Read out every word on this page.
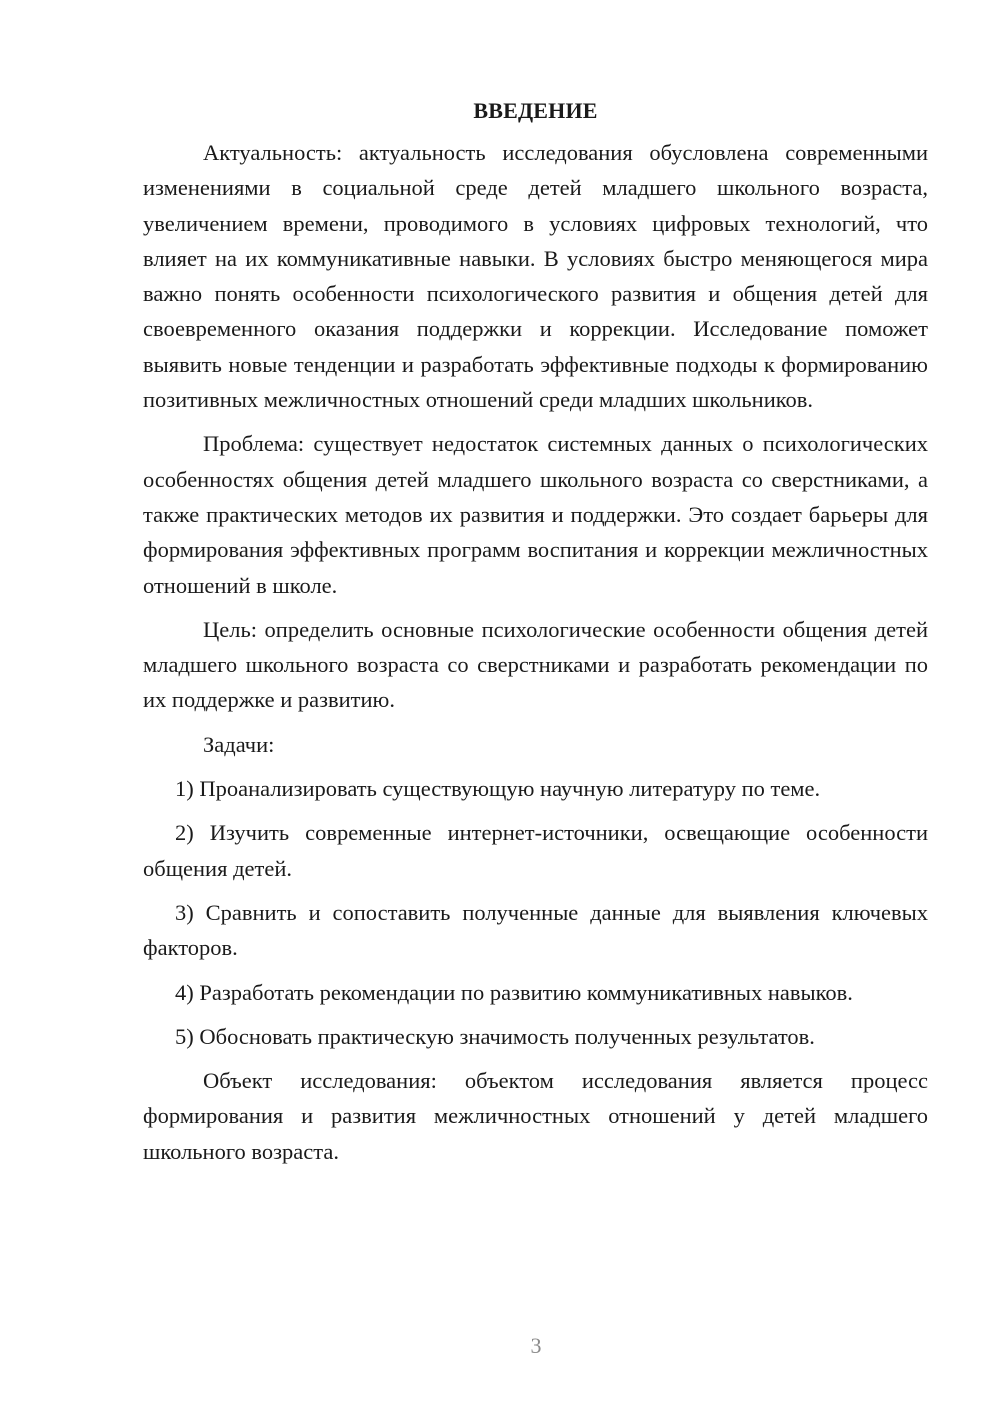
ВВЕДЕНИЕ

Актуальность: актуальность исследования обусловлена современными изменениями в социальной среде детей младшего школьного возраста, увеличением времени, проводимого в условиях цифровых технологий, что влияет на их коммуникативные навыки. В условиях быстро меняющегося мира важно понять особенности психологического развития и общения детей для своевременного оказания поддержки и коррекции. Исследование поможет выявить новые тенденции и разработать эффективные подходы к формированию позитивных межличностных отношений среди младших школьников.

Проблема: существует недостаток системных данных о психологических особенностях общения детей младшего школьного возраста со сверстниками, а также практических методов их развития и поддержки. Это создает барьеры для формирования эффективных программ воспитания и коррекции межличностных отношений в школе.

Цель: определить основные психологические особенности общения детей младшего школьного возраста со сверстниками и разработать рекомендации по их поддержке и развитию.

Задачи:

1) Проанализировать существующую научную литературу по теме.

2) Изучить современные интернет-источники, освещающие особенности общения детей.

3) Сравнить и сопоставить полученные данные для выявления ключевых факторов.

4) Разработать рекомендации по развитию коммуникативных навыков.

5) Обосновать практическую значимость полученных результатов.

Объект исследования: объектом исследования является процесс формирования и развития межличностных отношений у детей младшего школьного возраста.

3
